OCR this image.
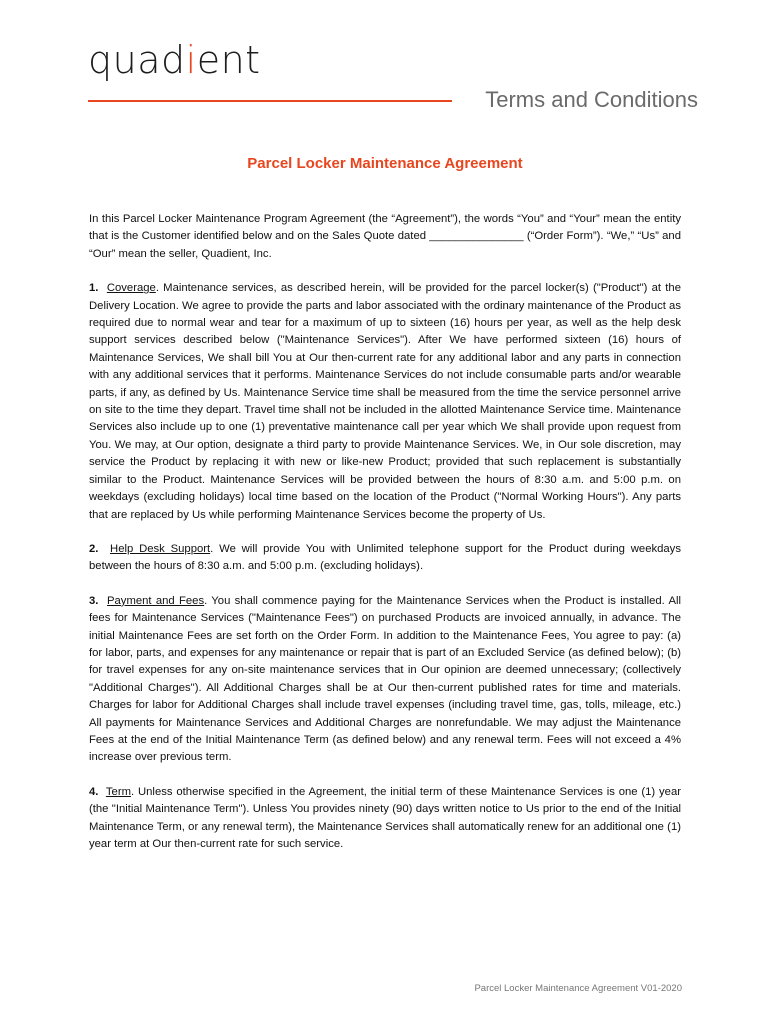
quadient
Terms and Conditions
Parcel Locker Maintenance Agreement

In this Parcel Locker Maintenance Program Agreement (the “Agreement”), the words “You” and “Your” mean the entity that is the Customer identified below and on the Sales Quote dated _______________ (“Order Form”). “We,” “Us” and “Our” mean the seller, Quadient, Inc.

1. Coverage. Maintenance services, as described herein, will be provided for the parcel locker(s) ("Product") at the Delivery Location. We agree to provide the parts and labor associated with the ordinary maintenance of the Product as required due to normal wear and tear for a maximum of up to sixteen (16) hours per year, as well as the help desk support services described below ("Maintenance Services"). After We have performed sixteen (16) hours of Maintenance Services, We shall bill You at Our then-current rate for any additional labor and any parts in connection with any additional services that it performs. Maintenance Services do not include consumable parts and/or wearable parts, if any, as defined by Us. Maintenance Service time shall be measured from the time the service personnel arrive on site to the time they depart. Travel time shall not be included in the allotted Maintenance Service time. Maintenance Services also include up to one (1) preventative maintenance call per year which We shall provide upon request from You. We may, at Our option, designate a third party to provide Maintenance Services. We, in Our sole discretion, may service the Product by replacing it with new or like-new Product; provided that such replacement is substantially similar to the Product. Maintenance Services will be provided between the hours of 8:30 a.m. and 5:00 p.m. on weekdays (excluding holidays) local time based on the location of the Product ("Normal Working Hours"). Any parts that are replaced by Us while performing Maintenance Services become the property of Us.

2. Help Desk Support. We will provide You with Unlimited telephone support for the Product during weekdays between the hours of 8:30 a.m. and 5:00 p.m. (excluding holidays).

3. Payment and Fees. You shall commence paying for the Maintenance Services when the Product is installed. All fees for Maintenance Services ("Maintenance Fees") on purchased Products are invoiced annually, in advance. The initial Maintenance Fees are set forth on the Order Form. In addition to the Maintenance Fees, You agree to pay: (a) for labor, parts, and expenses for any maintenance or repair that is part of an Excluded Service (as defined below); (b) for travel expenses for any on-site maintenance services that in Our opinion are deemed unnecessary; (collectively "Additional Charges"). All Additional Charges shall be at Our then-current published rates for time and materials. Charges for labor for Additional Charges shall include travel expenses (including travel time, gas, tolls, mileage, etc.) All payments for Maintenance Services and Additional Charges are nonrefundable. We may adjust the Maintenance Fees at the end of the Initial Maintenance Term (as defined below) and any renewal term. Fees will not exceed a 4% increase over previous term.

4. Term. Unless otherwise specified in the Agreement, the initial term of these Maintenance Services is one (1) year (the "Initial Maintenance Term"). Unless You provides ninety (90) days written notice to Us prior to the end of the Initial Maintenance Term, or any renewal term), the Maintenance Services shall automatically renew for an additional one (1) year term at Our then-current rate for such service.

Parcel Locker Maintenance Agreement V01-2020
